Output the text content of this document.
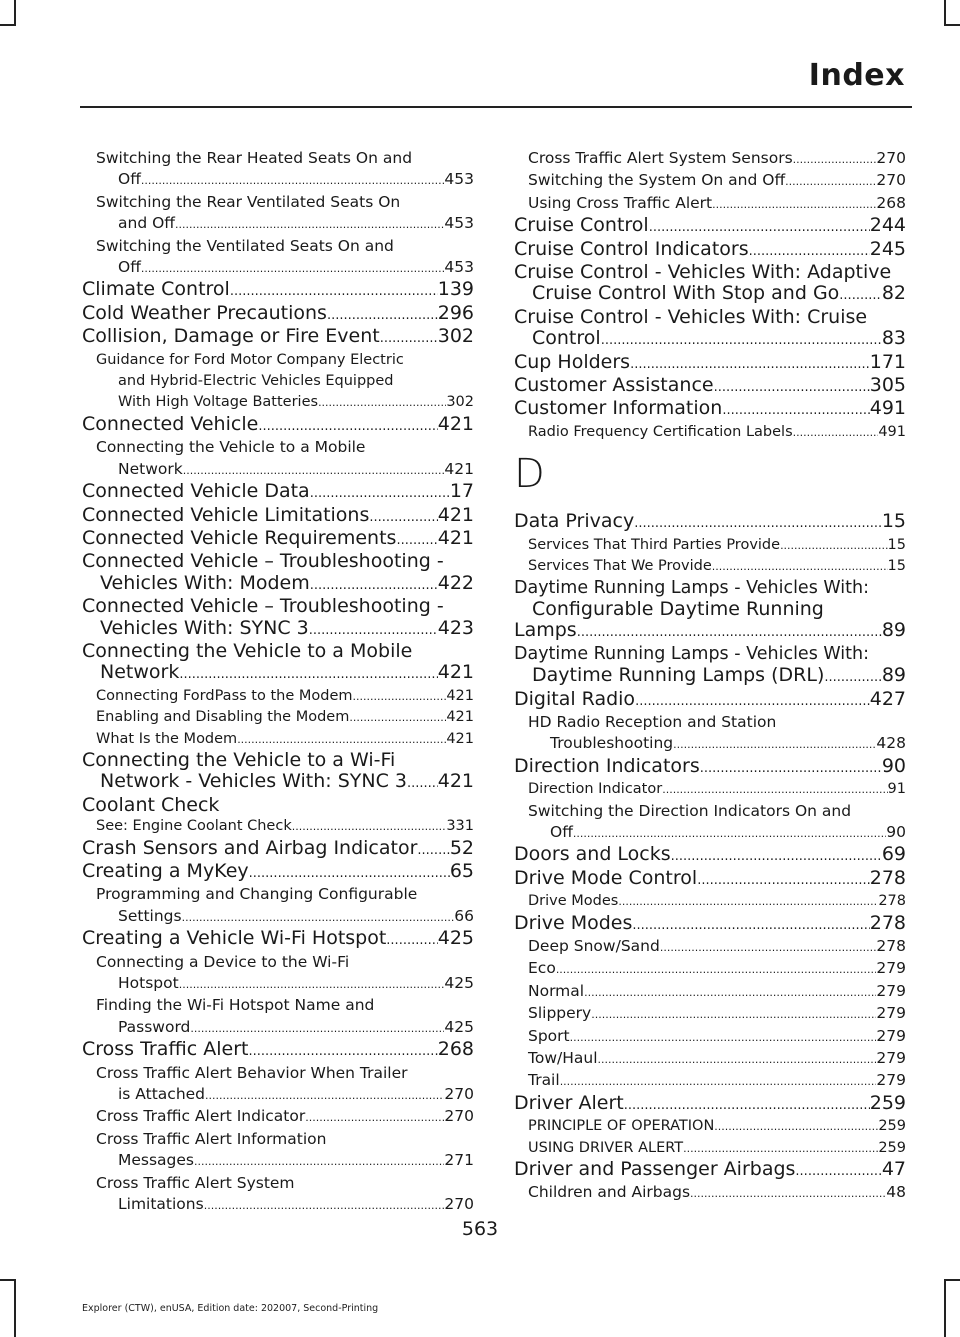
Index
Switching the Rear Heated Seats On and
Off .....	453
Switching the Rear Ventilated Seats On
and Off .....	453
Switching the Ventilated Seats On and
Off .....	453
Climate Control .....	139
Cold Weather Precautions .....	296
Collision, Damage or Fire Event .....	302
Guidance for Ford Motor Company Electric
and Hybrid-Electric Vehicles Equipped
With High Voltage Batteries .....	302
Connected Vehicle .....	421
Connecting the Vehicle to a Mobile
Network .....	421
Connected Vehicle Data .....	17
Connected Vehicle Limitations .....	421
Connected Vehicle Requirements ..... 421
Connected Vehicle – Troubleshooting -
Vehicles With: Modem .....	422
Connected Vehicle – Troubleshooting -
Vehicles With: SYNC 3 .....	423
Connecting the Vehicle to a Mobile
Network .....	421
Connecting FordPass to the Modem .....	421
Enabling and Disabling the Modem .....	421
What Is the Modem .....	421
Connecting the Vehicle to a Wi-Fi
Network - Vehicles With: SYNC 3 ..... 421
Coolant Check
See: Engine Coolant Check .....	331
Crash Sensors and Airbag Indicator ..... 52
Creating a MyKey .....	65
Programming and Changing Configurable
Settings .....	66
Creating a Vehicle Wi-Fi Hotspot .....	425
Connecting a Device to the Wi-Fi
Hotspot .....	425
Finding the Wi-Fi Hotspot Name and
Password .....	425
Cross Traffic Alert .....	268
Cross Traffic Alert Behavior When Trailer
is Attached .....	270
Cross Traffic Alert Indicator .....	270
Cross Traffic Alert Information
Messages .....	271
Cross Traffic Alert System
Limitations .....	270
Cross Traffic Alert System Sensors .....	270
Switching the System On and Off .....	270
Using Cross Traffic Alert .....	268
Cruise Control .....	244
Cruise Control Indicators .....	245
Cruise Control - Vehicles With: Adaptive
Cruise Control With Stop and Go ..... 82
Cruise Control - Vehicles With: Cruise
Control .....	83
Cup Holders .....	171
Customer Assistance .....	305
Customer Information .....	491
Radio Frequency Certification Labels .....	491
D
Data Privacy .....	15
Services That Third Parties Provide .....	15
Services That We Provide .....	15
Daytime Running Lamps - Vehicles With:
Configurable Daytime Running
Lamps .....	89
Daytime Running Lamps - Vehicles With:
Daytime Running Lamps (DRL) .....	89
Digital Radio .....	427
HD Radio Reception and Station
Troubleshooting .....	428
Direction Indicators .....	90
Direction Indicator .....	91
Switching the Direction Indicators On and
Off .....	90
Doors and Locks .....	69
Drive Mode Control .....	278
Drive Modes .....	278
Drive Modes .....	278
Deep Snow/Sand .....	278
Eco .....	279
Normal .....	279
Slippery .....	279
Sport .....	279
Tow/Haul .....	279
Trail .....	279
Driver Alert .....	259
PRINCIPLE OF OPERATION .....	259
USING DRIVER ALERT .....	259
Driver and Passenger Airbags .....	47
Children and Airbags .....	48
563
Explorer (CTW), enUSA, Edition date: 202007, Second-Printing
